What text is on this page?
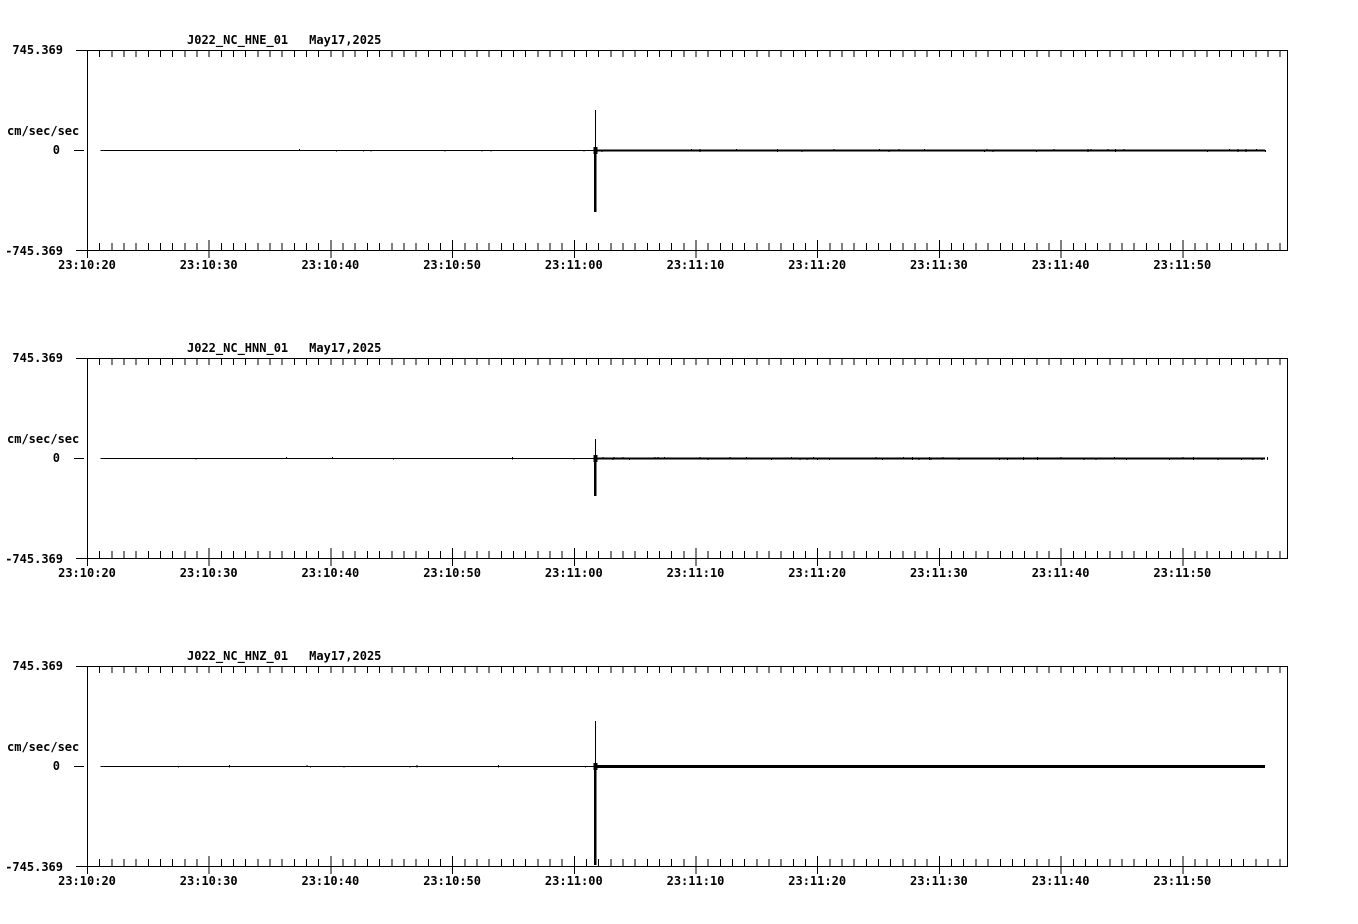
J022_NC_HNE_01 May17,2025
745.369
cm/sec/sec
0
-745.369
23:10:20	23:10:30	23:10:40	23:10:50	23:11:00	23:11:10	23:11:20	23:11:30	23:11:40	23:11:50
J022_NC_HNN_01 May17,2025
745.369
cm/sec/sec
0
-745.369
23:10:20	23:10:30	23:10:40	23:10:50	23:11:00	23:11:10	23:11:20	23:11:30	23:11:40	23:11:50
J022_NC_HNZ_01 May17,2025
745.369
cm/sec/sec
0
-745.369
23:10:20	23:10:30	23:10:40	23:10:50	23:11:00	23:11:10	23:11:20	23:11:30	23:11:40	23:11:50
